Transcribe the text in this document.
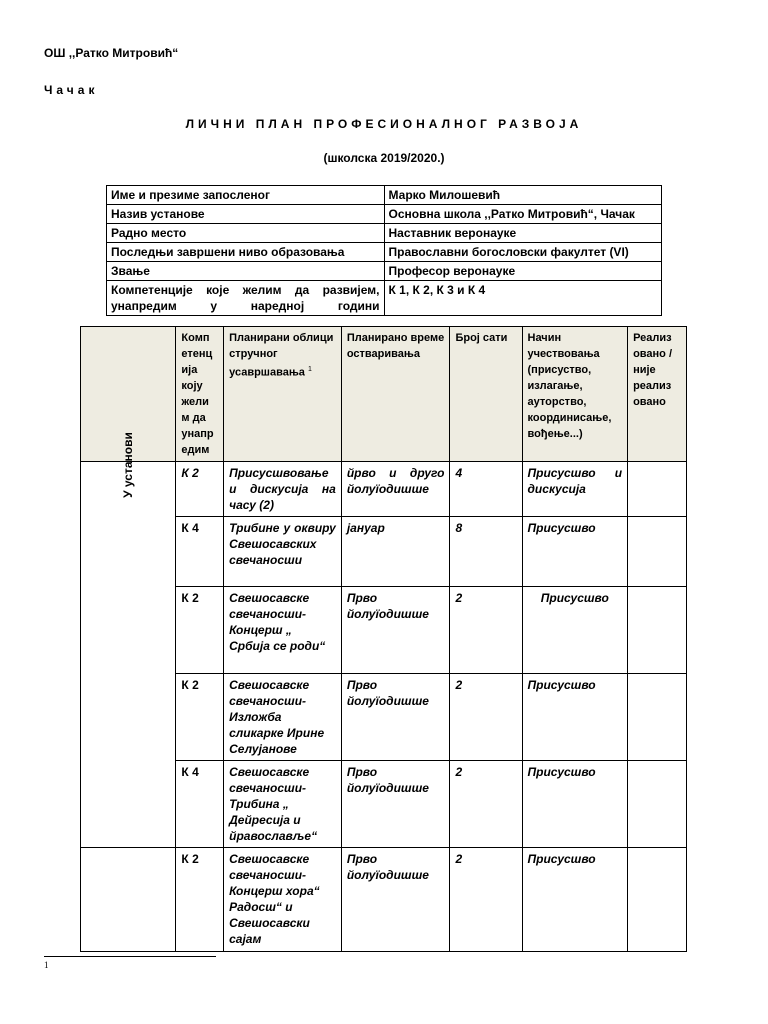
ОШ ,,Ратко Митровић“
Чачак
ЛИЧНИ ПЛАН ПРОФЕСИОНАЛНОГ РАЗВОЈА
(школска 2019/2020.)
Име и презиме запосленог	Марко Милошевић
Назив установе	Основна школа ,,Ратко Митровић“, Чачак
Радно место	Наставник веронауке
Последњи завршени ниво образовања	Православни богословски факултет (VI)
Звање	Професор веронауке
Компетенције које желим да развијем, унапредим у наредној години	К 1, К 2, К 3 и К 4
	Комп етенц ија коју жели м да унапр едим	Планирани облици стручног усавршавања $^1$	Планирано време остваривања	Број сати	Начин учествовања (присуство, излагање, ауторство, координисање, вођење...)	Реализ овано / није реализ овано

У установи	К 2	Присусшвовање и дискусија на часу (2)	йрво и друго йолуїодишше	4	Присусшво и дискусија	
	К 4	Трибине у оквиру Свешосавских свечаносши	јануар	8	Присусшво	
	К 2	Свешосавске свечаносши- Концерш „ Србија се роди“	Прво йолуїодишше	2	Присусшво	
	К 2	Свешосавске свечаносши- Изложба сликарке Ирине Селујанове	Прво йолуїодишше	2	Присусшво	
	К 4	Свешосавске свечаносши- Трибина „ Дейресија и йравославље“	Прво йолуїодишше	2	Присусшво	
	К 2	Свешосавске свечаносши- Концерш хора“ Радосш“ и Свешосавски сајам	Прво йолуїодишше	2	Присусшво	
1
